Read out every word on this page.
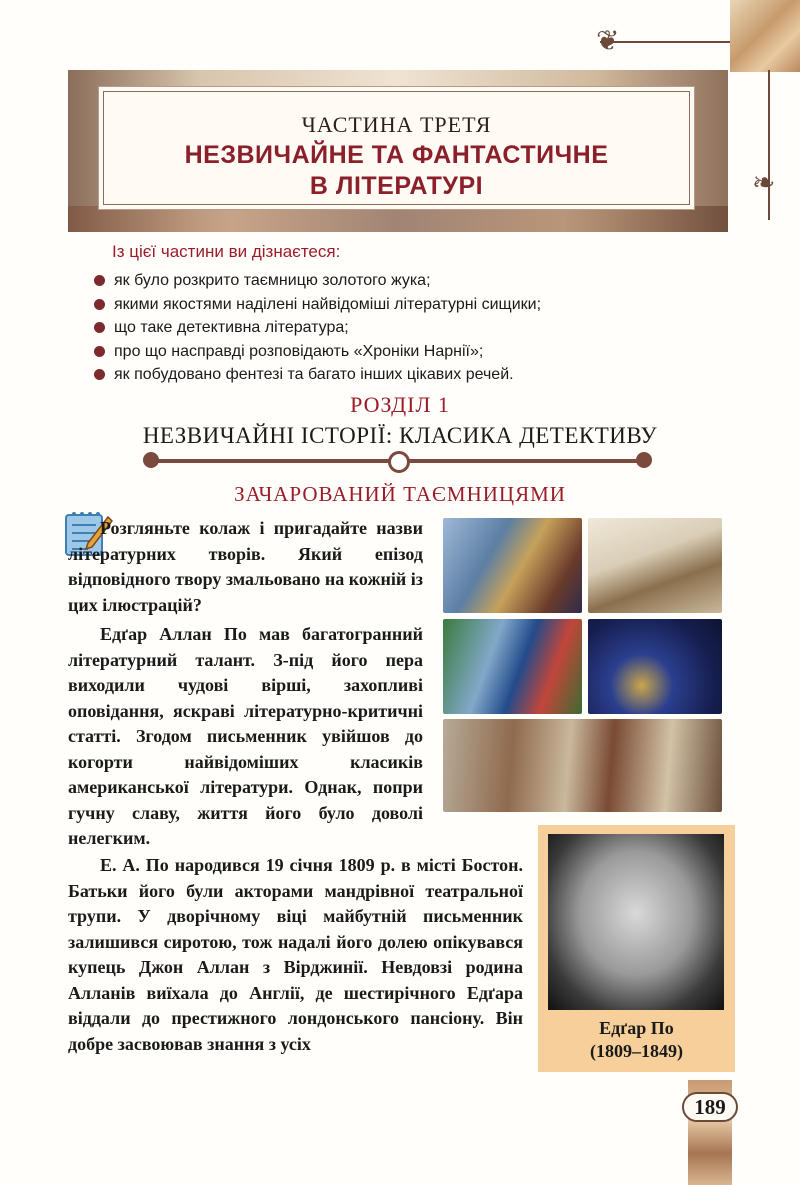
❦
❧
ЧАСТИНА ТРЕТЯ
НЕЗВИЧАЙНЕ ТА ФАНТАСТИЧНЕ
В ЛІТЕРАТУРІ
Із цієї частини ви дізнаєтеся:
як було розкрито таємницю золотого жука;
якими якостями наділені найвідоміші літературні сищики;
що таке детективна література;
про що насправді розповідають «Хроніки Нарнії»;
як побудовано фентезі та багато інших цікавих речей.
РОЗДІЛ 1
НЕЗВИЧАЙНІ ІСТОРІЇ: КЛАСИКА ДЕТЕКТИВУ
ЗАЧАРОВАНИЙ ТАЄМНИЦЯМИ

Розгляньте колаж і пригадайте назви літературних творів. Який епізод відповідного твору змальовано на кожній із цих ілюстрацій?

Едґар Аллан По мав багатогранний літературний талант. З-під його пера виходили чудові вірші, захопливі оповідання, яскраві літературно-критичні статті. Згодом письменник увійшов до когорти найвідоміших класиків американської літератури. Однак, попри гучну славу, життя його було доволі нелегким.

Е. А. По народився 19 січня 1809 р. в місті Бостон. Батьки його були акторами мандрівної театральної трупи. У дворічному віці майбутній письменник залишився сиротою, тож надалі його долею опікувався купець Джон Аллан з Вірджинії. Невдовзі родина Алланів виїхала до Англії, де шестирічного Едґара віддали до престижного лондонського пансіону. Він добре засвоював знання з усіх

Едґар По
(1809–1849)
189
